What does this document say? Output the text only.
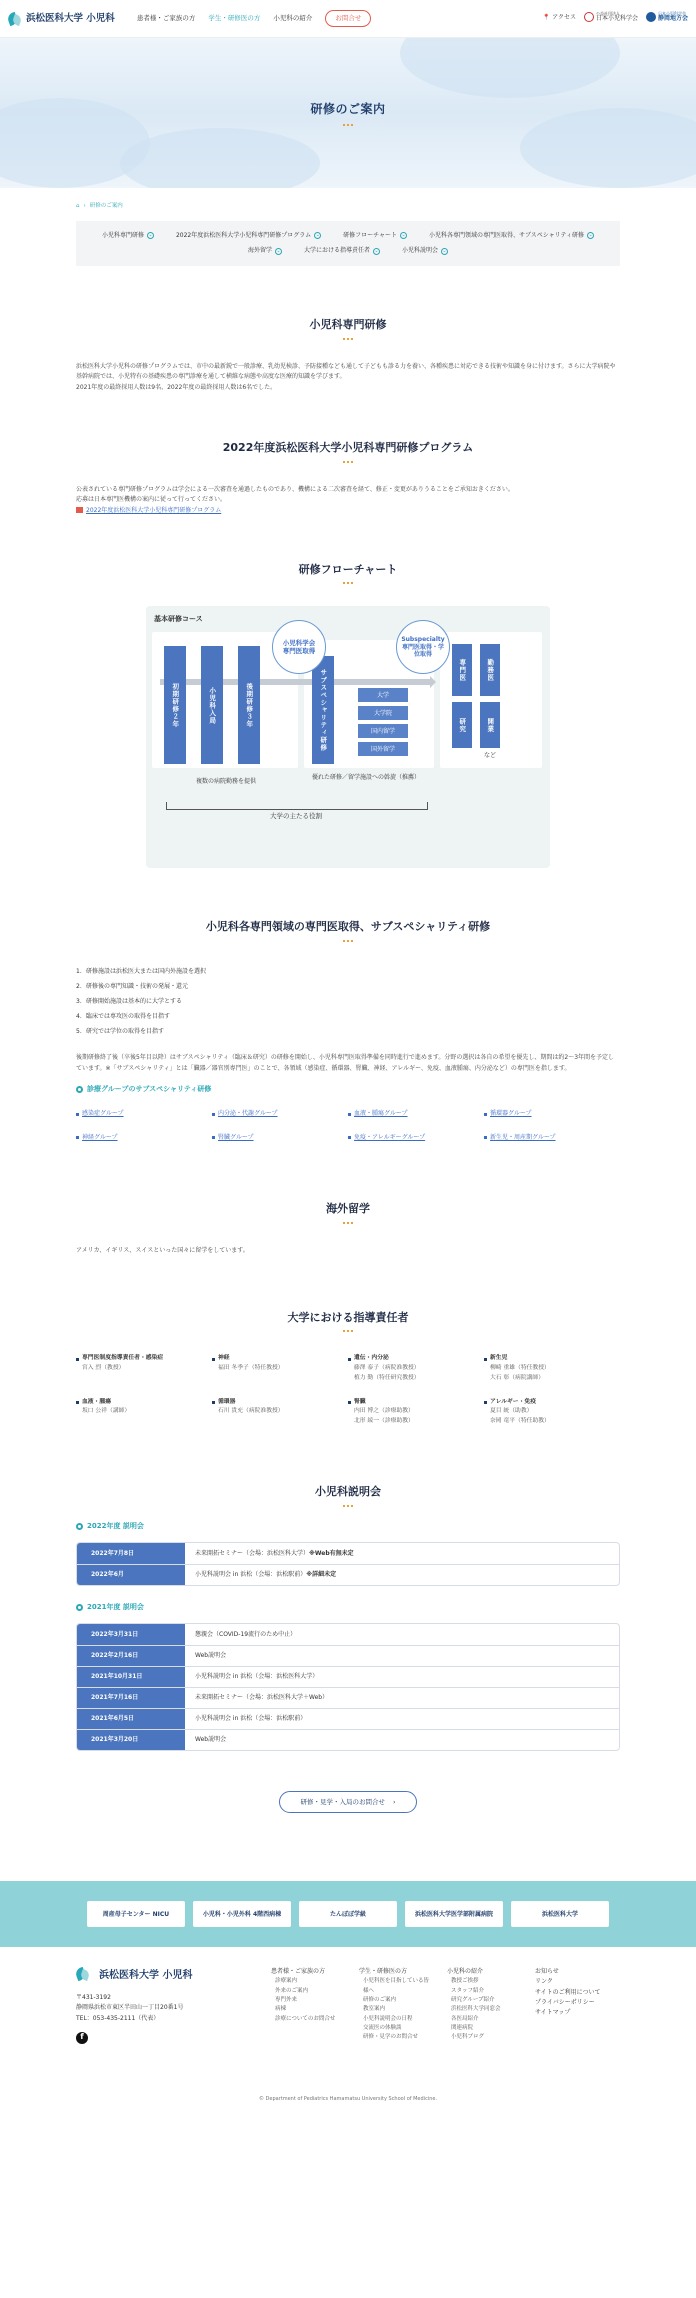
浜松医科大学 小児科	患者様・ご家族の方 学生・研修医の方 小児科の紹介	お問合せ	📍 アクセス
公益社団法人
日本小児科学会
日本小児科学会
静岡地方会
研修のご案内
⌂ › 研修のご案内
小児科専門研修 ⌄	2022年度浜松医科大学小児科専門研修プログラム ⌄	研修フローチャート ⌄	小児科各専門領域の専門医取得、サブスペシャリティ研修 ⌄
海外留学 ⌄	大学における指導責任者 ⌄	小児科説明会 ⌄
小児科専門研修

浜松医科大学小児科の研修プログラムでは、市中の最新鋭で一般診療、乳幼児検診、予防接種なども通して子どもも診る力を養い、各種疾患に対応できる技術や知識を身に付けます。さらに大学病院や基幹病院では、小児特有の基礎疾患の専門診療を通して横維な病態や高度な医療的知識を学びます。

2021年度の最終採用人数は9名、2022年度の最終採用人数は6名でした。

2022年度浜松医科大学小児科専門研修プログラム

公表されている専門研修プログラムは学会による一次審査を通過したものであり、機構による二次審査を経て、修正・変更がありうることをご承知おきください。

応募は日本専門医機構の案内に従って行ってください。

2022年度浜松医科大学小児科専門研修プログラム
研修フローチャート
基本研修コース
初期研修２年	小児科入局	後期研修３年	サブスペシャリティ研修	大学
大学院
国内留学
国外留学
小児科学会専門医取得
Subspecialty専門医取得・学位取得
専門医	勤務医
研究	開業
など
複数の病院勤務を提供
優れた研修／留学施設への斡旋（推薦）
大学の主たる役割
小児科各専門領域の専門医取得、サブスペシャリティ研修
1. 研修施設は浜松医大または国内外施設を選択
2. 研修後の専門知識・技術の発展・還元
3. 研修開始施設は基本的に大学とする
4. 臨床では専攻医の取得を目指す
5. 研究では学位の取得を目指す

後期研修終了後（卒後5年目以降）はサブスペシャリティ（臨床＆研究）の研修を開始し、小児科専門医取得準備を同時進行で進めます。分野の選択は各自の希望を優先し、期間は約2〜3年間を予定しています。※「サブスペシャリティ」とは「臓器／器官別専門医」のことで、各領域（感染症、循環器、腎臓、神経、アレルギー、免疫、血液腫瘍、内分泌など）の専門医を指します。

診療グループのサブスペシャリティ研修
感染症グループ	内分泌・代謝グループ	血液・腫瘍グループ	循環器グループ
神経グループ	腎臓グループ	免疫・アレルギーグループ	新生児・周産期グループ
海外留学

アメリカ、イギリス、スイスといった国々に留学をしています。

大学における指導責任者
専門医制度指導責任者・感染症
宮入 烈（教授）
神経
福田 冬季子（特任教授）
遺伝・内分泌
藤澤 泰子（病院准教授）
植力 勤（特任研究教授）
新生児
柳崎 重雄（特任教授）
大石 彰（病院講師）
血液・腫瘍
坂口 公祥（講師）
循環器
石川 貴充（病院准教授）
腎臓
内田 博之（診療助教）
北形 綾一（診療助教）
アレルギー・免疫
夏目 統（助教）
奈岡 竜平（特任助教）
小児科説明会
2022年度 説明会
2022年7月8日	未来開拓セミナー（会場：浜松医科大学）※Web有無未定
2022年6月	小児科説明会 in 浜松（会場：浜松駅前）※詳細未定
2021年度 説明会
2022年3月31日	懇親会（COVID-19流行のため中止）
2022年2月16日	Web説明会
2021年10月31日	小児科説明会 in 浜松（会場：浜松医科大学）
2021年7月16日	未来開拓セミナー（会場：浜松医科大学＋Web）
2021年6月5日	小児科説明会 in 浜松（会場：浜松駅前）
2021年3月20日	Web説明会
研修・見学・入局のお問合せ ›
周産母子センター NICU	小児科・小児外科 4階西病棟	たんぽぽ学級	浜松医科大学医学部附属病院	浜松医科大学
浜松医科大学 小児科
〒431-3192
静岡県浜松市東区半田山一丁目20番1号
TEL：053-435-2111（代表）
f
患者様・ご家族の方
診療案内
外来のご案内
専門外来
病棟
診療についてのお問合せ
学生・研修医の方
小児科医を目指している皆様へ
研修のご案内
教室案内
小児科説明会の日程
交流医の体験談
研修・見学のお問合せ
小児科の紹介
教授ご挨拶
スタッフ紹介
研究グループ紹介
浜松医科大学同窓会
各医局紹介
関連病院
小児科ブログ
お知らせ
リンク
サイトのご利用について
プライバシーポリシー
サイトマップ
© Department of Pediatrics Hamamatsu University School of Medicine.
